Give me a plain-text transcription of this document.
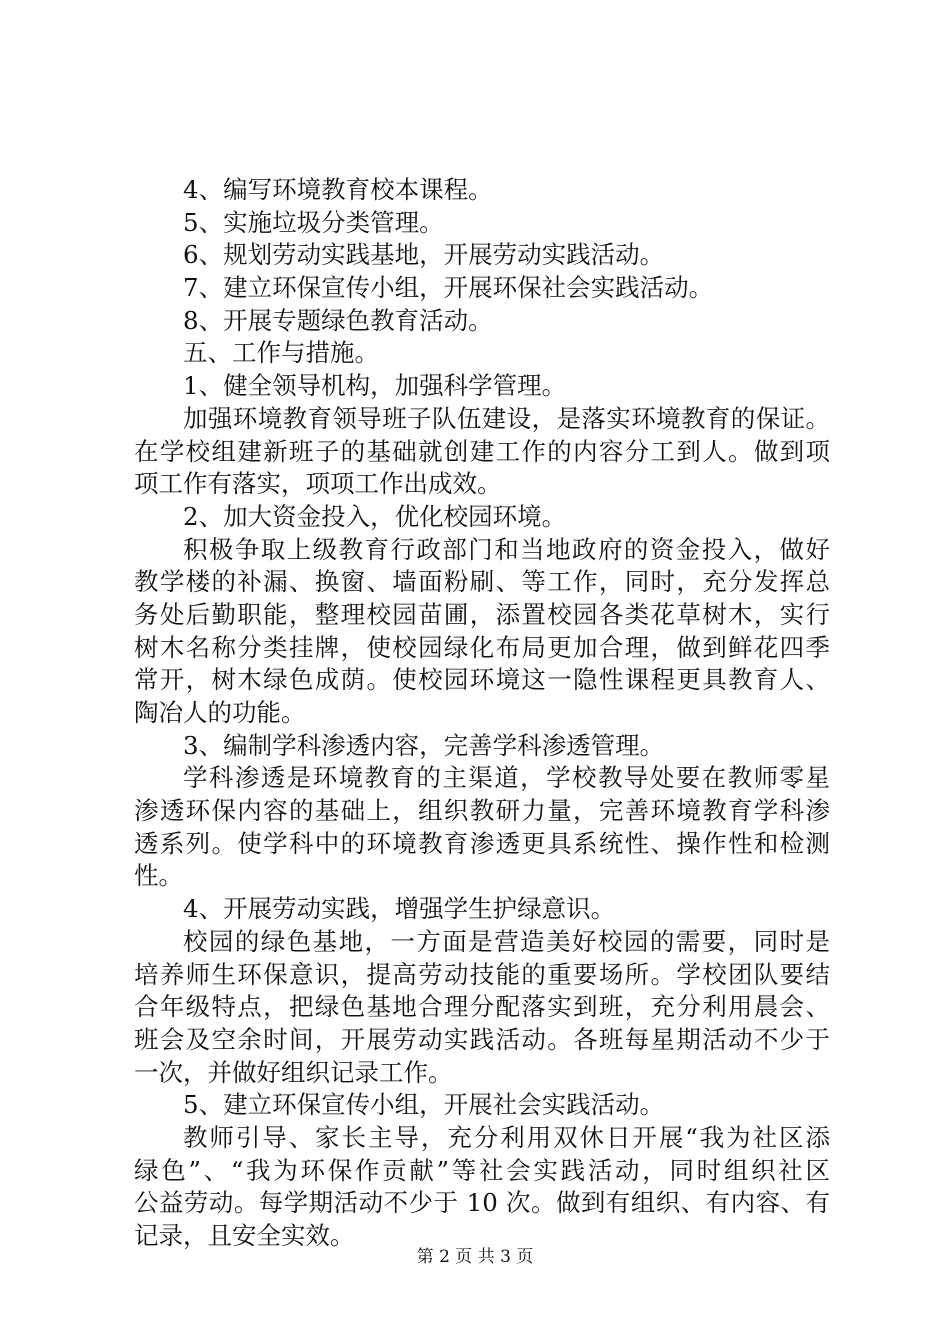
4、编写环境教育校本课程。
5、实施垃圾分类管理。
6、规划劳动实践基地，开展劳动实践活动。
7、建立环保宣传小组，开展环保社会实践活动。
8、开展专题绿色教育活动。
五、工作与措施。
1、健全领导机构，加强科学管理。
加强环境教育领导班子队伍建设，是落实环境教育的保证。
在学校组建新班子的基础就创建工作的内容分工到人。做到项
项工作有落实，项项工作出成效。
2、加大资金投入，优化校园环境。
积极争取上级教育行政部门和当地政府的资金投入，做好
教学楼的补漏、换窗、墙面粉刷、等工作，同时，充分发挥总
务处后勤职能，整理校园苗圃，添置校园各类花草树木，实行
树木名称分类挂牌，使校园绿化布局更加合理，做到鲜花四季
常开，树木绿色成荫。使校园环境这一隐性课程更具教育人、
陶冶人的功能。
3、编制学科渗透内容，完善学科渗透管理。
学科渗透是环境教育的主渠道，学校教导处要在教师零星
渗透环保内容的基础上，组织教研力量，完善环境教育学科渗
透系列。使学科中的环境教育渗透更具系统性、操作性和检测
性。
4、开展劳动实践，增强学生护绿意识。
校园的绿色基地，一方面是营造美好校园的需要，同时是
培养师生环保意识，提高劳动技能的重要场所。学校团队要结
合年级特点，把绿色基地合理分配落实到班，充分利用晨会、
班会及空余时间，开展劳动实践活动。各班每星期活动不少于
一次，并做好组织记录工作。
5、建立环保宣传小组，开展社会实践活动。
教师引导、家长主导，充分利用双休日开展“我为社区添
绿色”、“我为环保作贡献”等社会实践活动，同时组织社区
公益劳动。每学期活动不少于 10 次。做到有组织、有内容、有
记录，且安全实效。
第 2 页 共 3 页
